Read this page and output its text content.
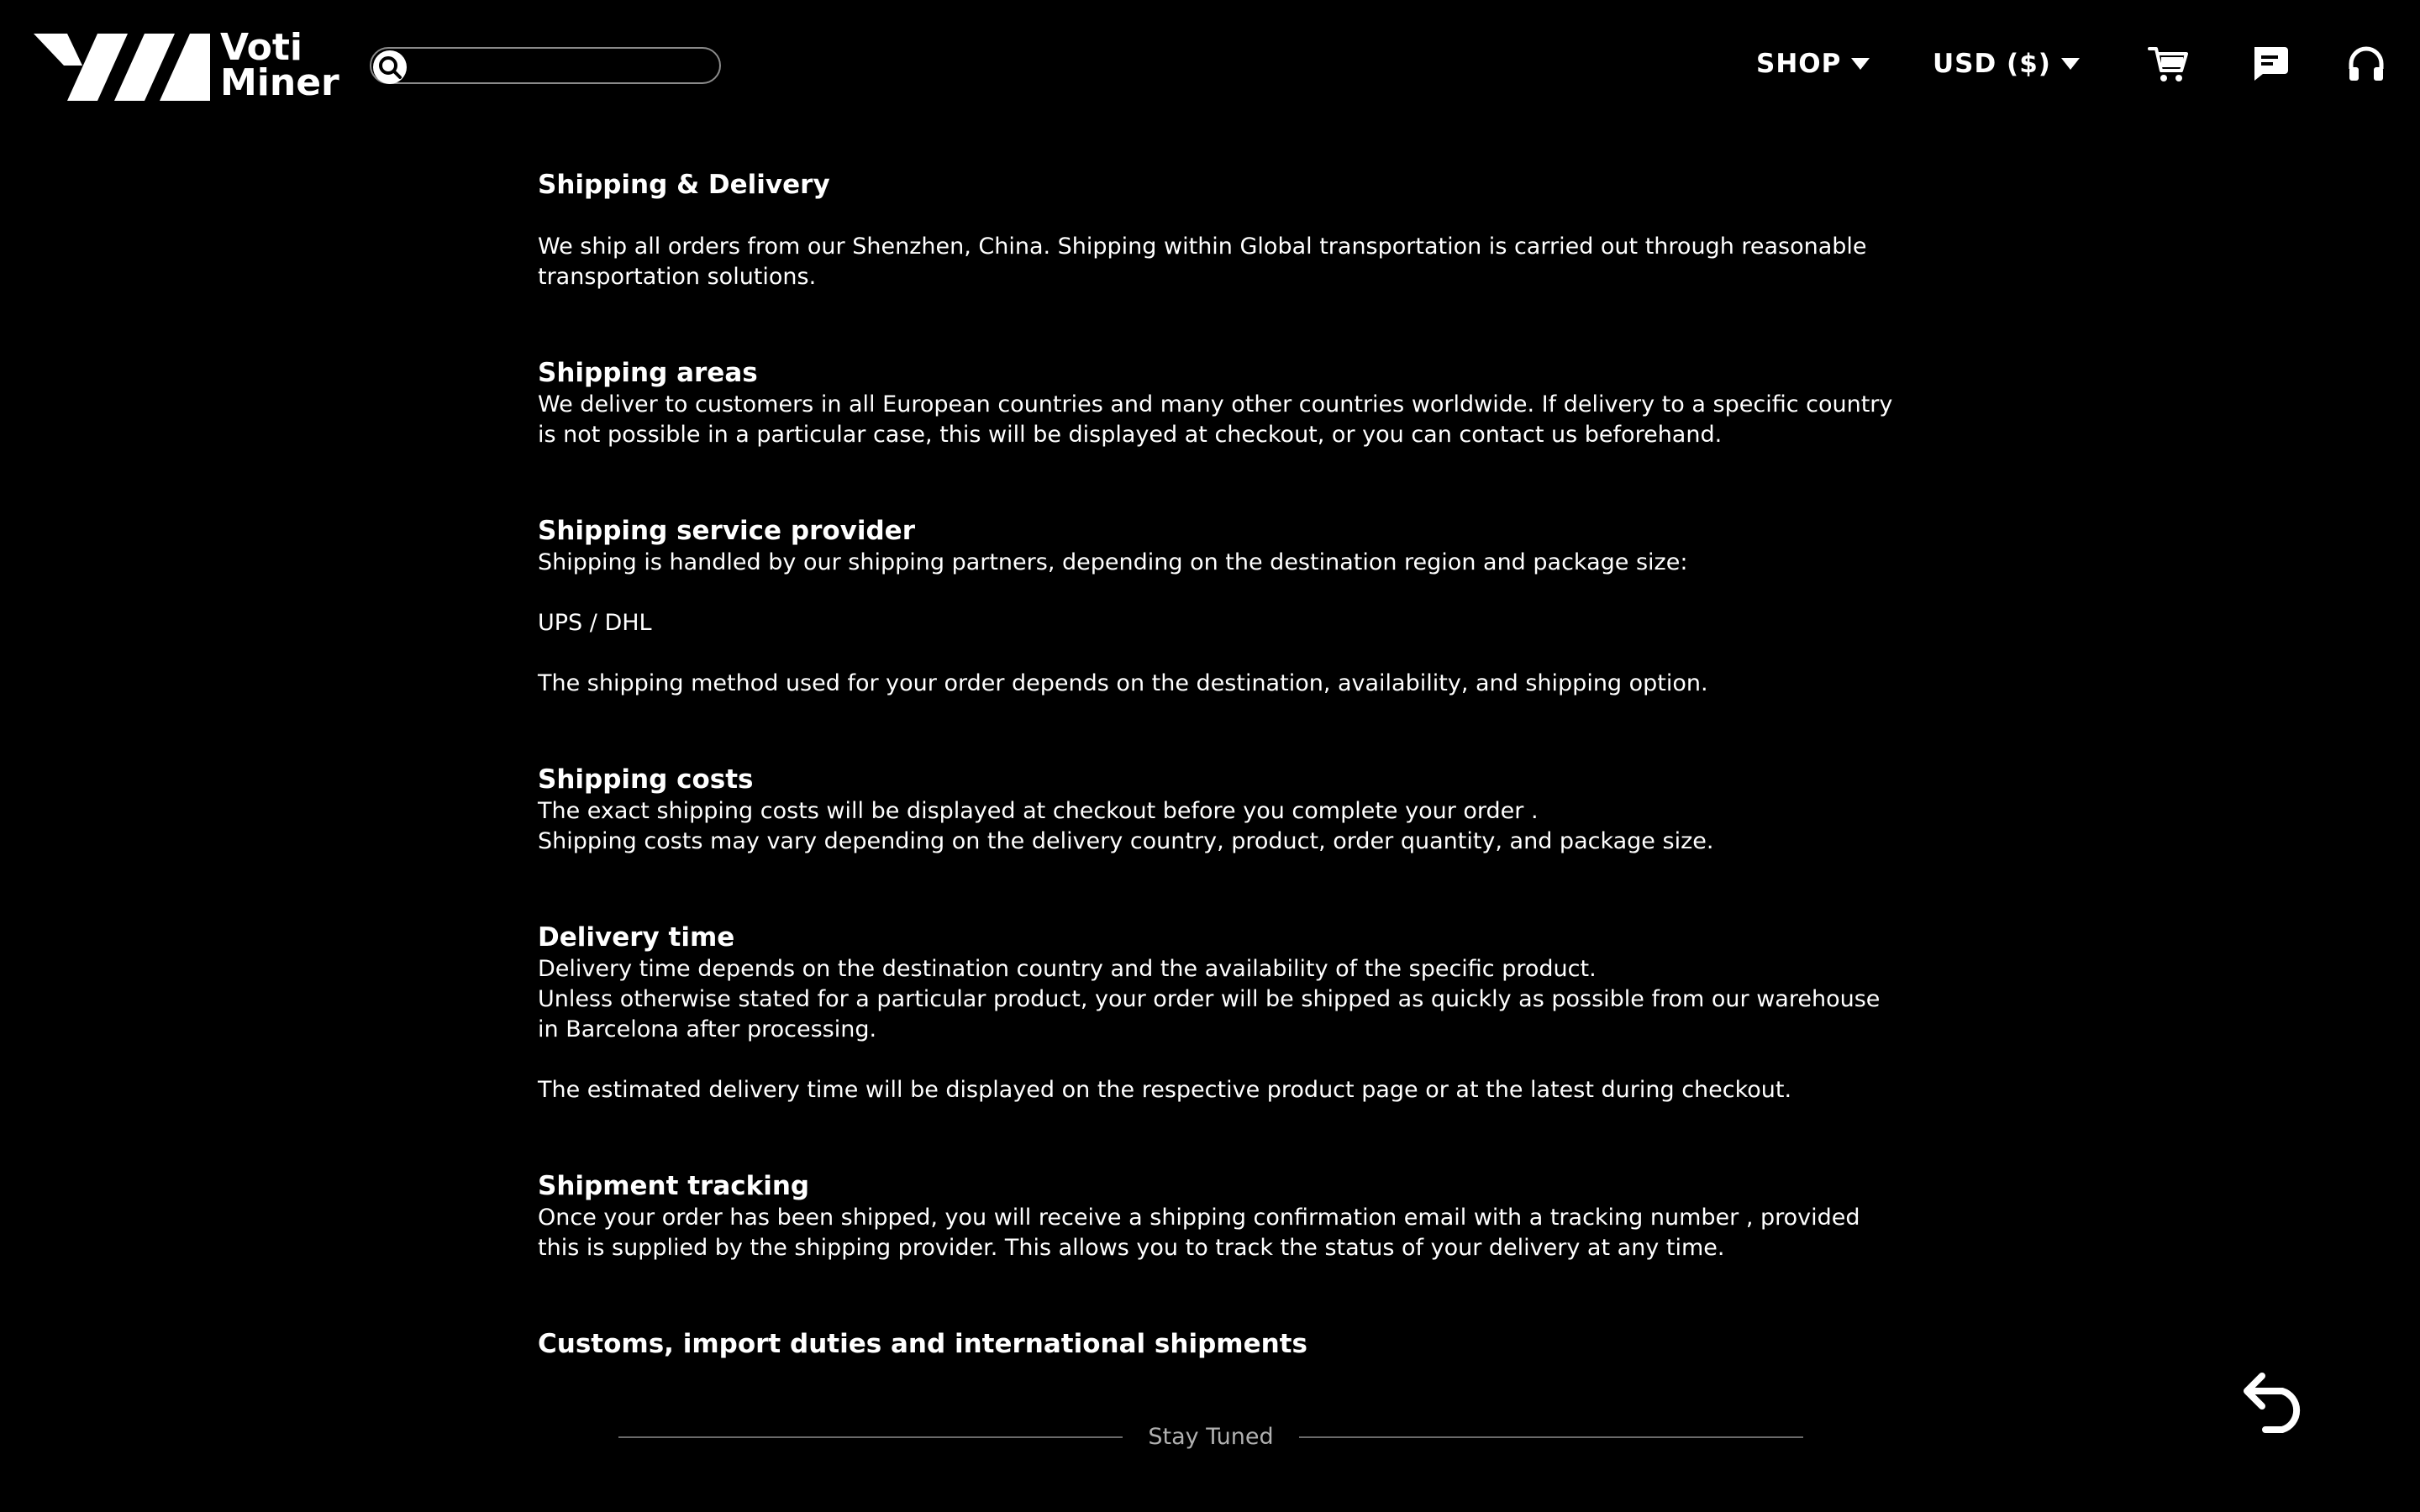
Voti
Miner	SHOP	USD ($)
Shipping & Delivery

We ship all orders from our Shenzhen, China. Shipping within Global transportation is carried out through reasonable transportation solutions.

Shipping areas

We deliver to customers in all European countries and many other countries worldwide. If delivery to a specific country is not possible in a particular case, this will be displayed at checkout, or you can contact us beforehand.

Shipping service provider

Shipping is handled by our shipping partners, depending on the destination region and package size:

UPS / DHL

The shipping method used for your order depends on the destination, availability, and shipping option.

Shipping costs

The exact shipping costs will be displayed at checkout before you complete your order .

Shipping costs may vary depending on the delivery country, product, order quantity, and package size.

Delivery time

Delivery time depends on the destination country and the availability of the specific product.

Unless otherwise stated for a particular product, your order will be shipped as quickly as possible from our warehouse in Barcelona after processing.

The estimated delivery time will be displayed on the respective product page or at the latest during checkout.

Shipment tracking

Once your order has been shipped, you will receive a shipping confirmation email with a tracking number , provided this is supplied by the shipping provider. This allows you to track the status of your delivery at any time.

Customs, import duties and international shipments
Stay Tuned
